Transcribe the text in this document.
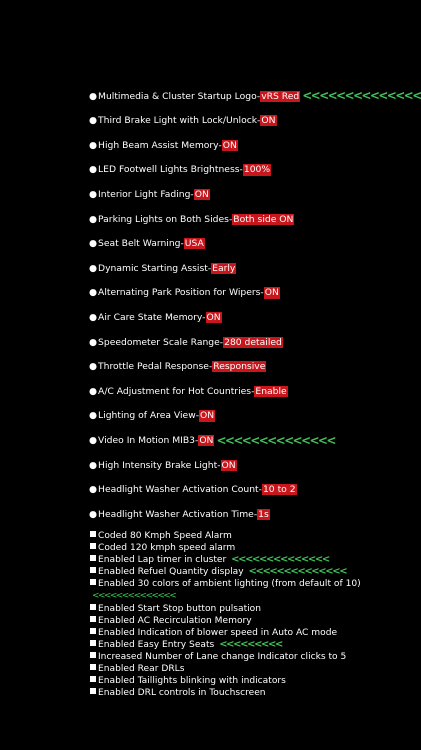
● Multimedia & Cluster Startup Logo- vRS Red <<<<<<<<<<<<<<
● Third Brake Light with Lock/Unlock- ON
● High Beam Assist Memory- ON
● LED Footwell Lights Brightness- 100%
● Interior Light Fading- ON
● Parking Lights on Both Sides- Both side ON
● Seat Belt Warning- USA
● Dynamic Starting Assist- Early
● Alternating Park Position for Wipers- ON
● Air Care State Memory- ON
● Speedometer Scale Range- 280 detailed
● Throttle Pedal Response- Responsive
● A/C Adjustment for Hot Countries- Enable
● Lighting of Area View- ON
● Video In Motion MIB3- ON <<<<<<<<<<<<<<
● High Intensity Brake Light- ON
● Headlight Washer Activation Count- 10 to 2
● Headlight Washer Activation Time- 1s
Coded 80 Kmph Speed Alarm
Coded 120 kmph speed alarm
Enabled Lap timer in cluster <<<<<<<<<<<<<<
Enabled Refuel Quantity display <<<<<<<<<<<<<<
Enabled 30 colors of ambient lighting (from default of 10)<<<<<<<<<<<<<<
Enabled Start Stop button pulsation
Enabled AC Recirculation Memory
Enabled Indication of blower speed in Auto AC mode
Enabled Easy Entry Seats <<<<<<<<<
Increased Number of Lane change Indicator clicks to 5
Enabled Rear DRLs
Enabled Taillights blinking with indicators
Enabled DRL controls in Touchscreen
